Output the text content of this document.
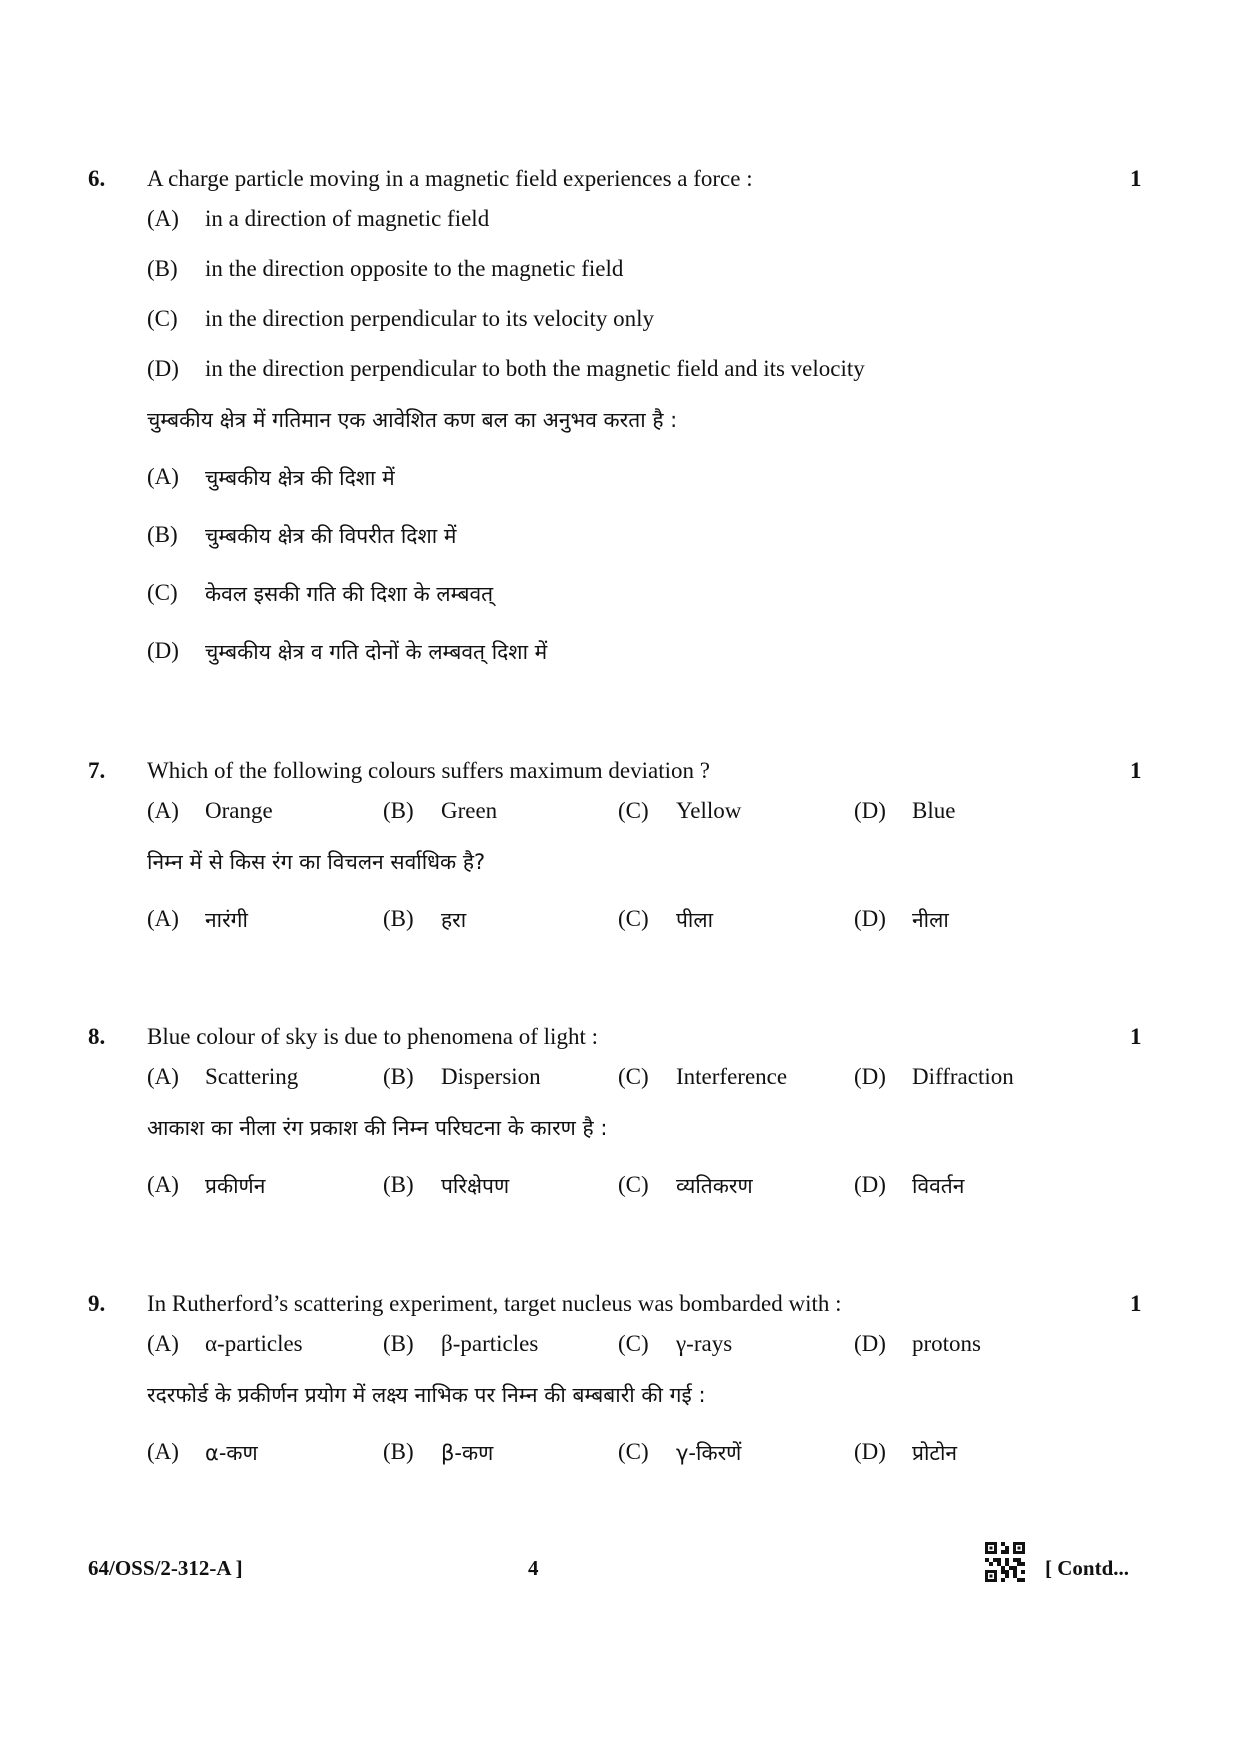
6. A charge particle moving in a magnetic field experiences a force :	1
(A) in a direction of magnetic field
(B) in the direction opposite to the magnetic field
(C) in the direction perpendicular to its velocity only
(D) in the direction perpendicular to both the magnetic field and its velocity
चुम्बकीय क्षेत्र में गतिमान एक आवेशित कण बल का अनुभव करता है :
(A) चुम्बकीय क्षेत्र की दिशा में
(B) चुम्बकीय क्षेत्र की विपरीत दिशा में
(C) केवल इसकी गति की दिशा के लम्बवत्
(D) चुम्बकीय क्षेत्र व गति दोनों के लम्बवत् दिशा में
7. Which of the following colours suffers maximum deviation ?	1
(A) Orange	(B) Green	(C) Yellow	(D) Blue
निम्न में से किस रंग का विचलन सर्वाधिक है?
(A) नारंगी	(B) हरा	(C) पीला	(D) नीला
8. Blue colour of sky is due to phenomena of light :	1
(A) Scattering	(B) Dispersion	(C) Interference	(D) Diffraction
आकाश का नीला रंग प्रकाश की निम्न परिघटना के कारण है :
(A) प्रकीर्णन	(B) परिक्षेपण	(C) व्यतिकरण	(D) विवर्तन
9. In Rutherford’s scattering experiment, target nucleus was bombarded with :	1
(A) α-particles	(B) β-particles	(C) γ-rays	(D) protons
रदरफोर्ड के प्रकीर्णन प्रयोग में लक्ष्य नाभिक पर निम्न की बम्बबारी की गई :
(A) α-कण	(B) β-कण	(C) γ-किरणें	(D) प्रोटोन
64/OSS/2-312-A ]	4	[ Contd...
